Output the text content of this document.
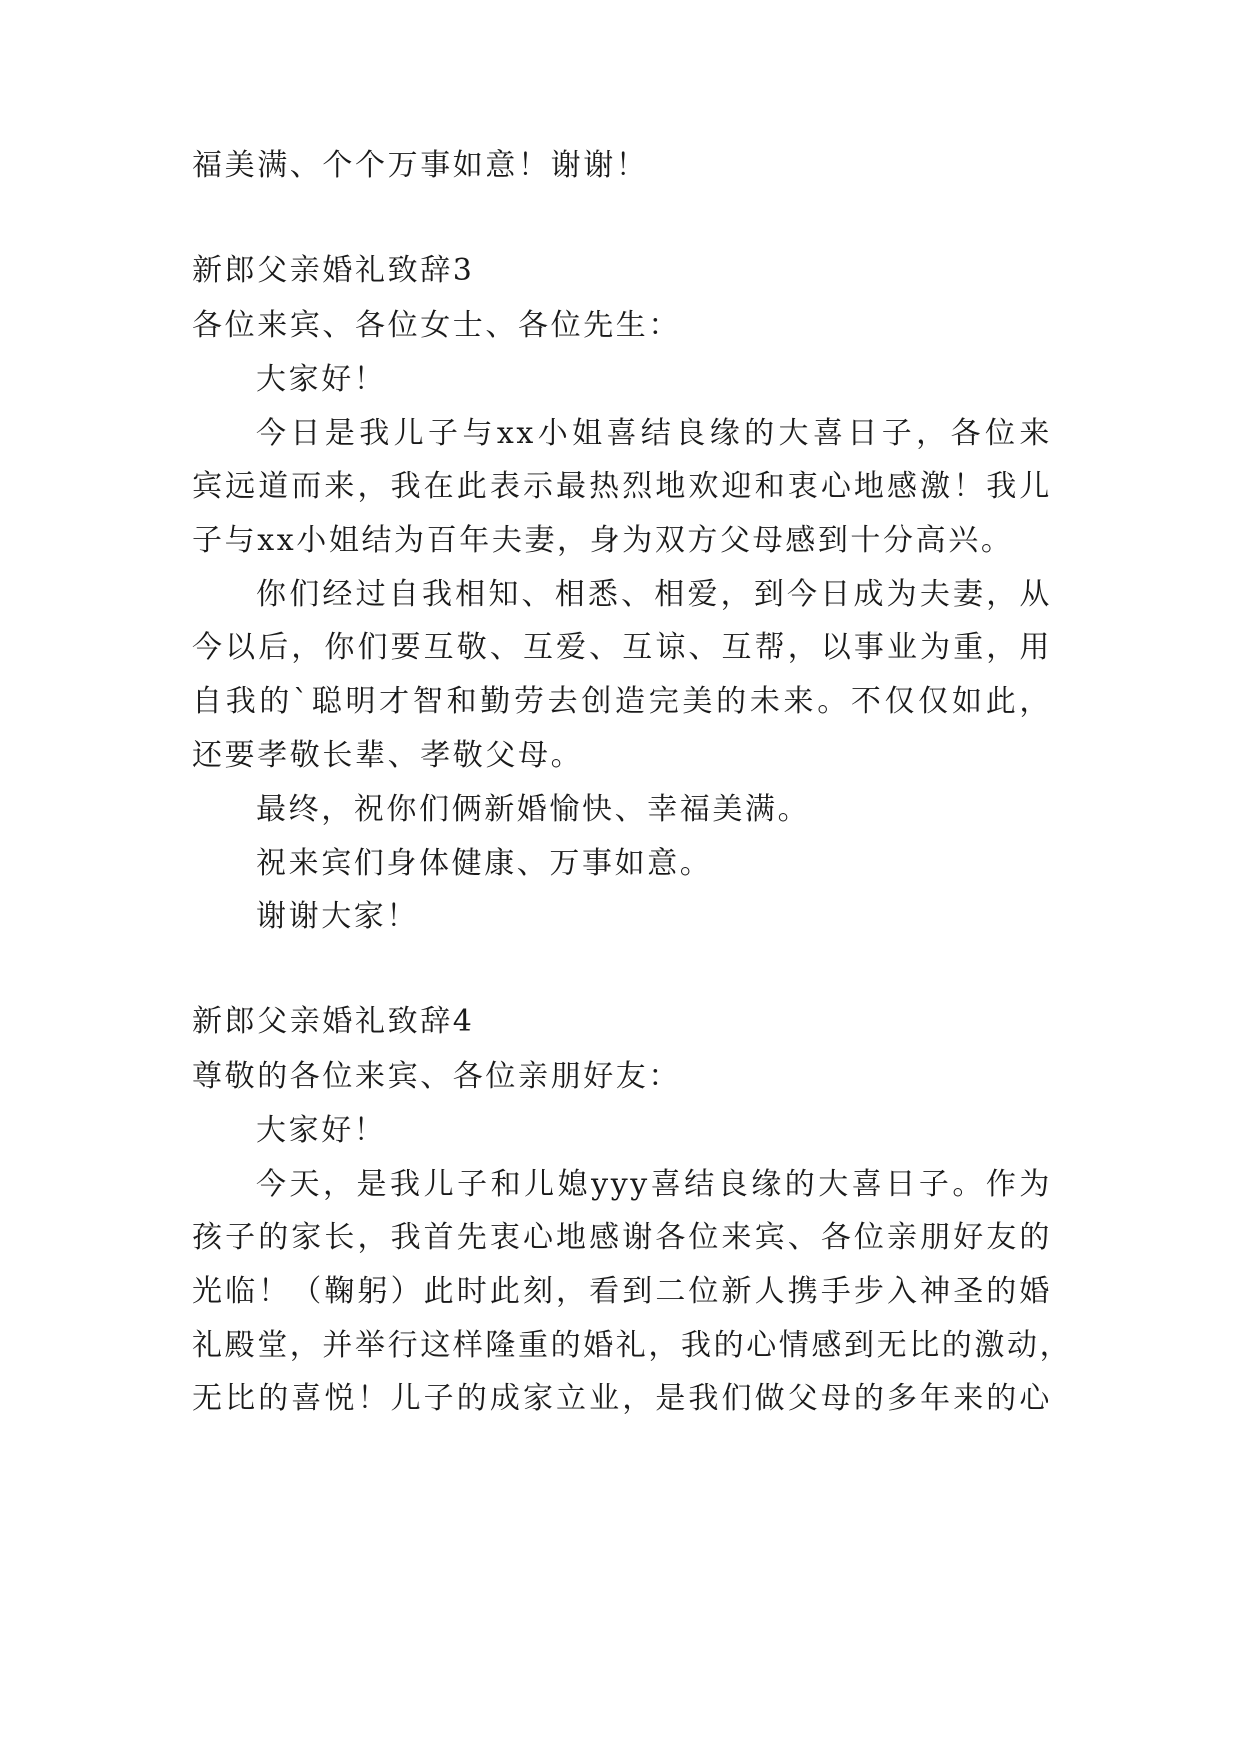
福美满、个个万事如意！谢谢！
新郎父亲婚礼致辞3
各位来宾、各位女士、各位先生：
大家好！
今日是我儿子与xx小姐喜结良缘的大喜日子，各位来
宾远道而来，我在此表示最热烈地欢迎和衷心地感激！我儿
子与xx小姐结为百年夫妻，身为双方父母感到十分高兴。
你们经过自我相知、相悉、相爱，到今日成为夫妻，从
今以后，你们要互敬、互爱、互谅、互帮，以事业为重，用
自我的`聪明才智和勤劳去创造完美的未来。不仅仅如此，
还要孝敬长辈、孝敬父母。
最终，祝你们俩新婚愉快、幸福美满。
祝来宾们身体健康、万事如意。
谢谢大家！
新郎父亲婚礼致辞4
尊敬的各位来宾、各位亲朋好友：
大家好！
今天，是我儿子和儿媳yyy喜结良缘的大喜日子。作为
孩子的家长，我首先衷心地感谢各位来宾、各位亲朋好友的
光临！（鞠躬）此时此刻，看到二位新人携手步入神圣的婚
礼殿堂，并举行这样隆重的婚礼，我的心情感到无比的激动，
无比的喜悦！儿子的成家立业，是我们做父母的多年来的心
